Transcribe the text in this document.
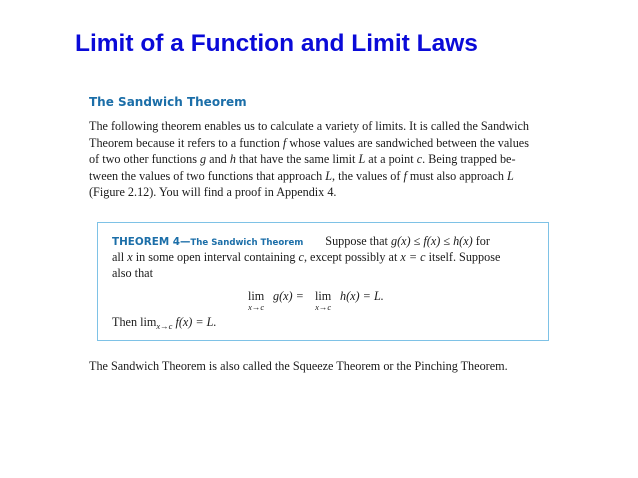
Limit of a Function and Limit Laws
The Sandwich Theorem
The following theorem enables us to calculate a variety of limits. It is called the Sandwich
Theorem because it refers to a function f whose values are sandwiched between the values
of two other functions g and h that have the same limit L at a point c. Being trapped be-
tween the values of two functions that approach L, the values of f must also approach L
(Figure 2.12). You will find a proof in Appendix 4.
THEOREM 4—The Sandwich Theorem Suppose that g(x) ≤ f(x) ≤ h(x) for
all x in some open interval containing c, except possibly at x = c itself. Suppose
also that
lim
x→c
g(x) = lim
x→c
h(x) = L.
Then $\lim_{x\to c} f(x) = L$.
The Sandwich Theorem is also called the Squeeze Theorem or the Pinching Theorem.
